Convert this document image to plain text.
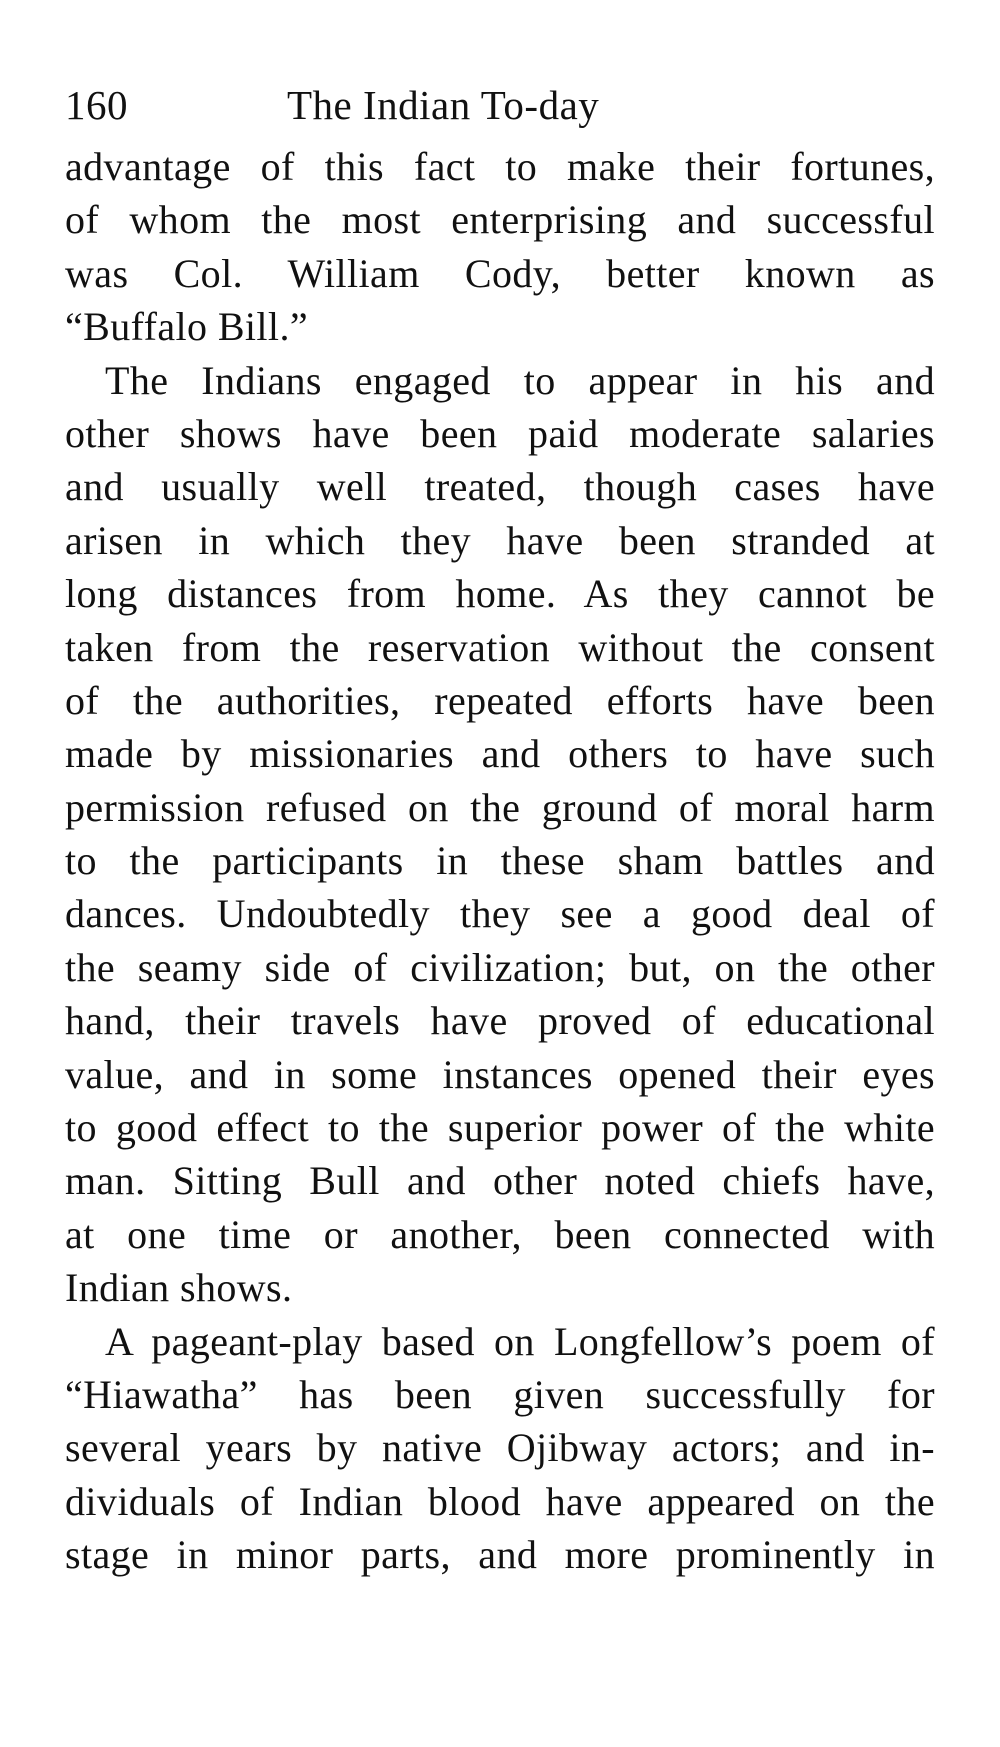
160	The Indian To-day
advantage of this fact to make their fortunes,
of whom the most enterprising and successful
was Col. William Cody, better known as
“Buffalo Bill.”
The Indians engaged to appear in his and
other shows have been paid moderate salaries
and usually well treated, though cases have
arisen in which they have been stranded at
long distances from home. As they cannot be
taken from the reservation without the consent
of the authorities, repeated efforts have been
made by missionaries and others to have such
permission refused on the ground of moral harm
to the participants in these sham battles and
dances. Undoubtedly they see a good deal of
the seamy side of civilization; but, on the other
hand, their travels have proved of educational
value, and in some instances opened their eyes
to good effect to the superior power of the white
man. Sitting Bull and other noted chiefs have,
at one time or another, been connected with
Indian shows.
A pageant-play based on Longfellow’s poem of
“Hiawatha” has been given successfully for
several years by native Ojibway actors; and in-
dividuals of Indian blood have appeared on the
stage in minor parts, and more prominently in
